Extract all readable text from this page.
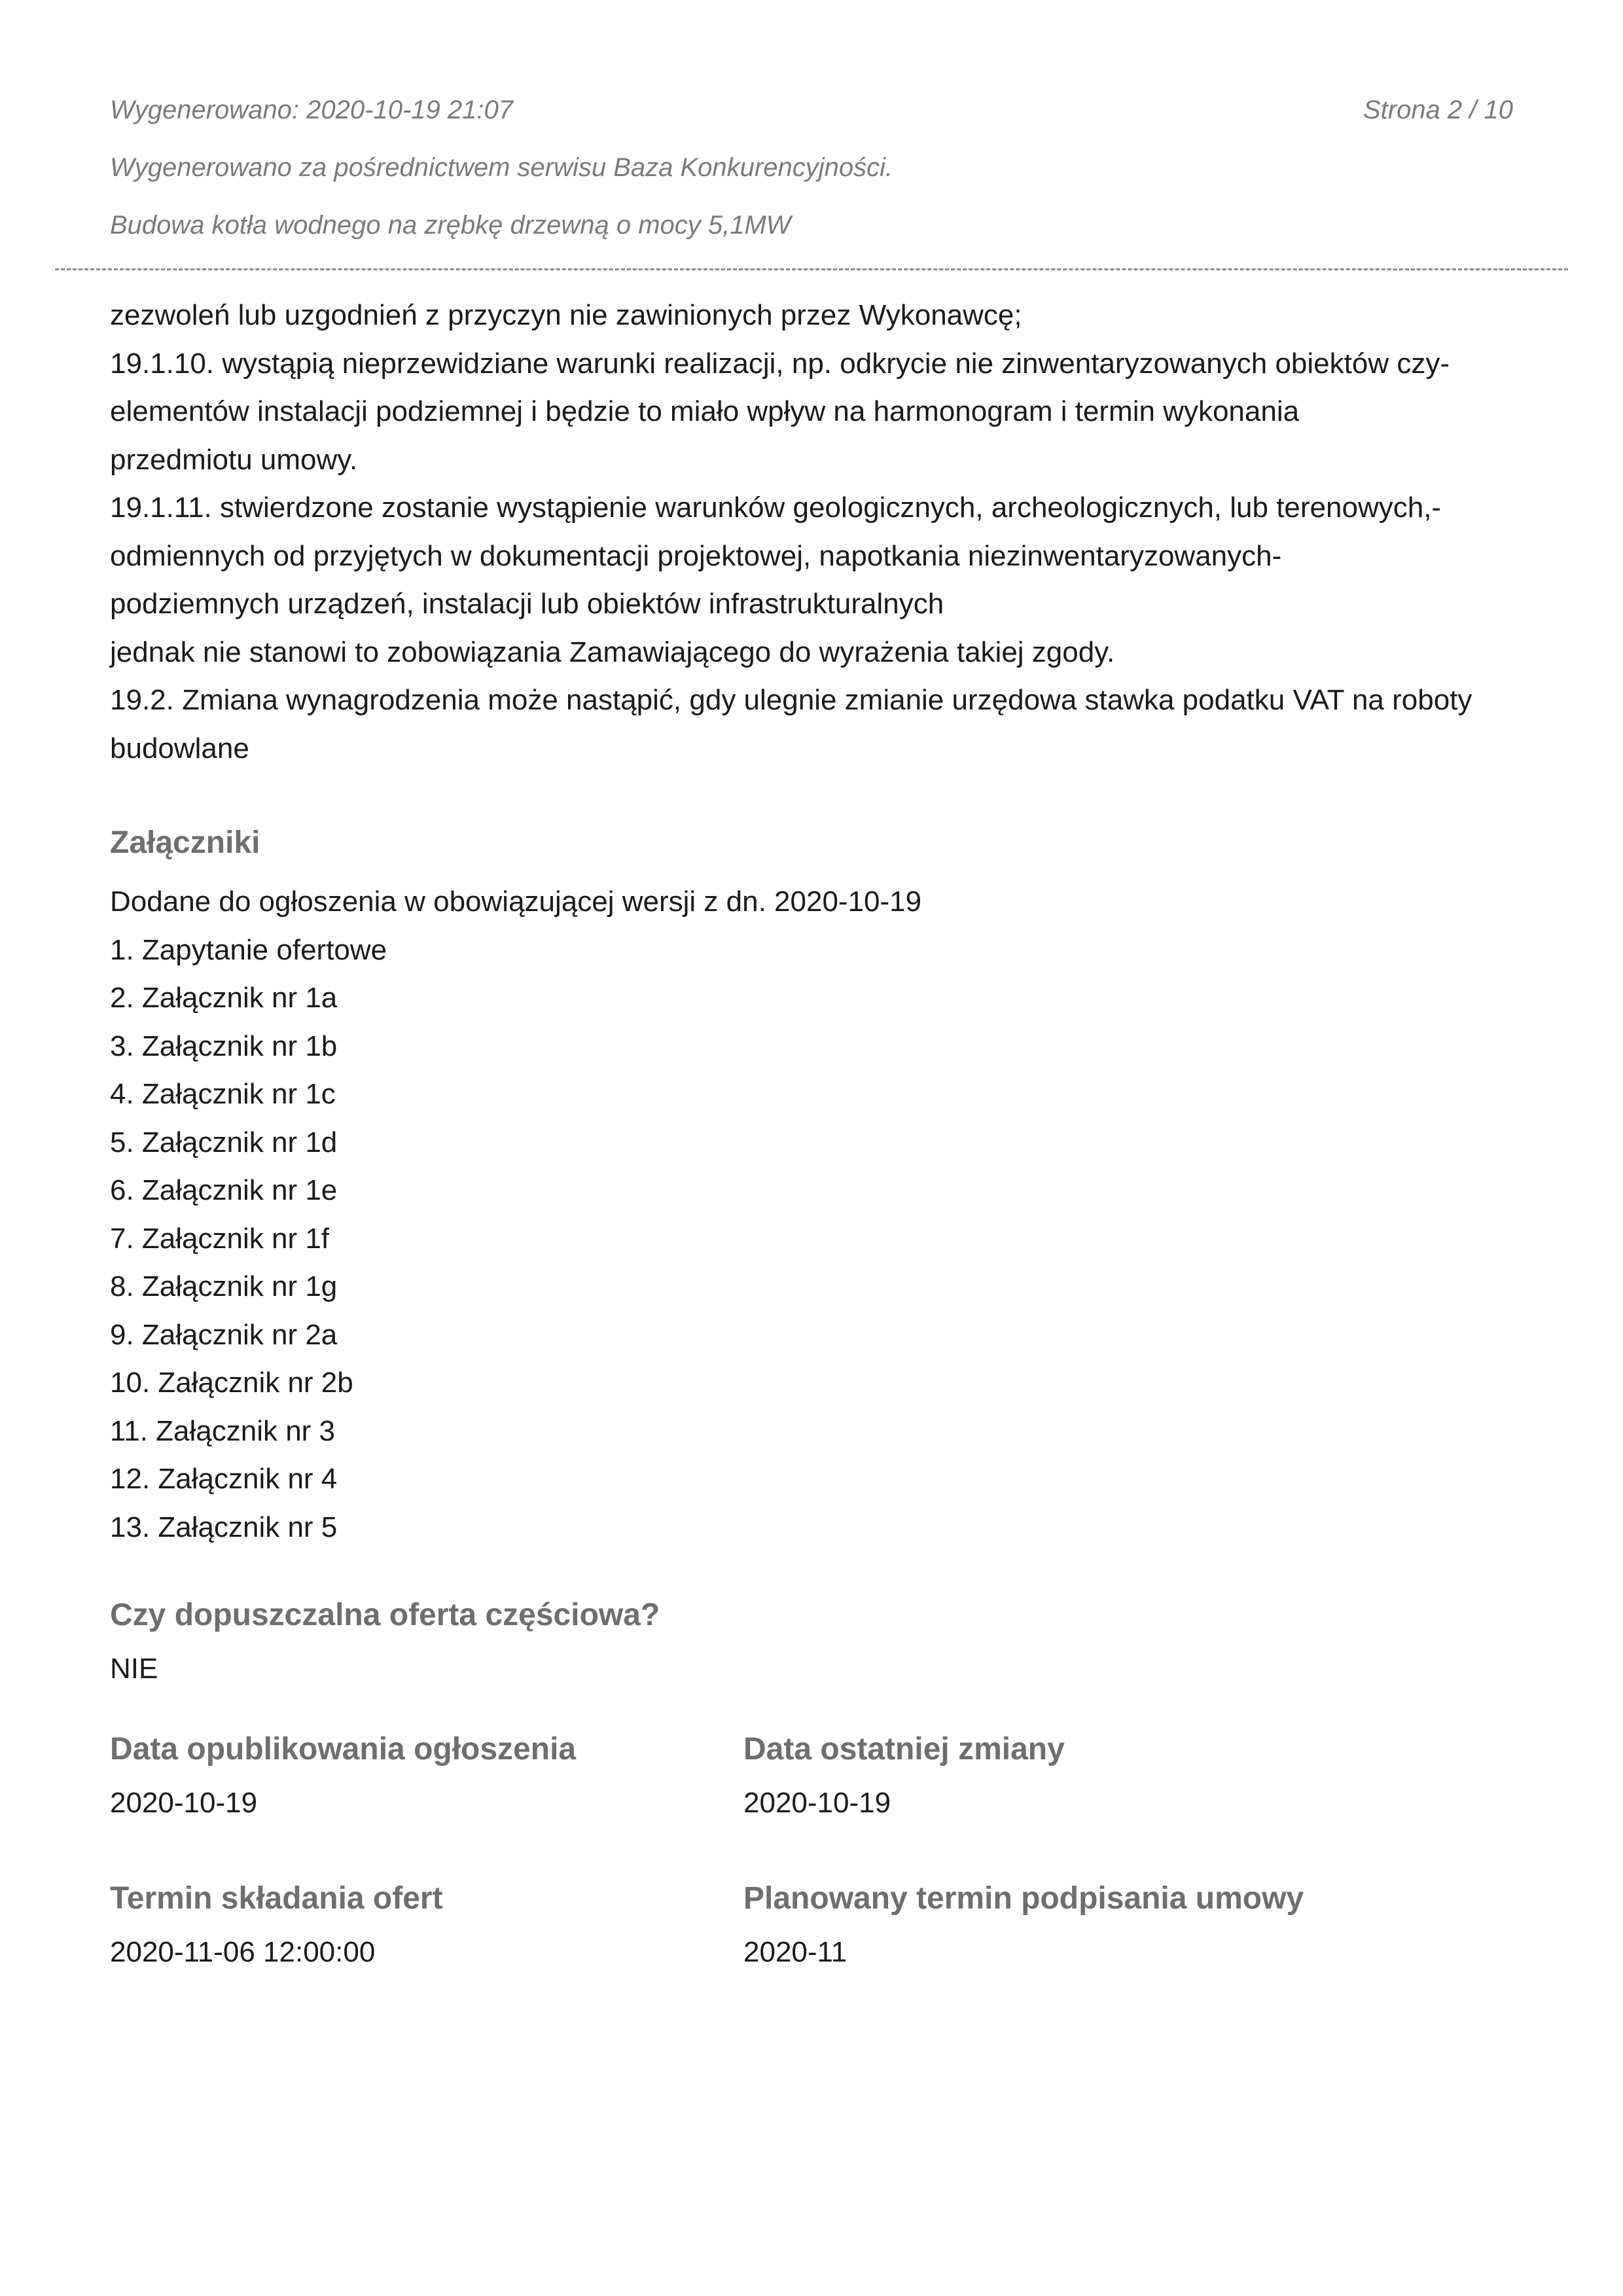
Wygenerowano: 2020-10-19 21:07	Strona 2 / 10
Wygenerowano za pośrednictwem serwisu Baza Konkurencyjności.
Budowa kotła wodnego na zrębkę drzewną o mocy 5,1MW
zezwoleń lub uzgodnień z przyczyn nie zawinionych przez Wykonawcę;
19.1.10. wystąpią nieprzewidziane warunki realizacji, np. odkrycie nie zinwentaryzowanych obiektów czy-
elementów instalacji podziemnej i będzie to miało wpływ na harmonogram i termin wykonania
przedmiotu umowy.
19.1.11. stwierdzone zostanie wystąpienie warunków geologicznych, archeologicznych, lub terenowych,-
odmiennych od przyjętych w dokumentacji projektowej, napotkania niezinwentaryzowanych-
podziemnych urządzeń, instalacji lub obiektów infrastrukturalnych
jednak nie stanowi to zobowiązania Zamawiającego do wyrażenia takiej zgody.
19.2. Zmiana wynagrodzenia może nastąpić, gdy ulegnie zmianie urzędowa stawka podatku VAT na roboty
budowlane
Załączniki

Dodane do ogłoszenia w obowiązującej wersji z dn. 2020-10-19

1. Zapytanie ofertowe

2. Załącznik nr 1a

3. Załącznik nr 1b

4. Załącznik nr 1c

5. Załącznik nr 1d

6. Załącznik nr 1e

7. Załącznik nr 1f

8. Załącznik nr 1g

9. Załącznik nr 2a

10. Załącznik nr 2b

11. Załącznik nr 3

12. Załącznik nr 4

13. Załącznik nr 5

Czy dopuszczalna oferta częściowa?

NIE

Data opublikowania ogłoszenia

2020-10-19

Data ostatniej zmiany

2020-10-19

Termin składania ofert

2020-11-06 12:00:00

Planowany termin podpisania umowy

2020-11
